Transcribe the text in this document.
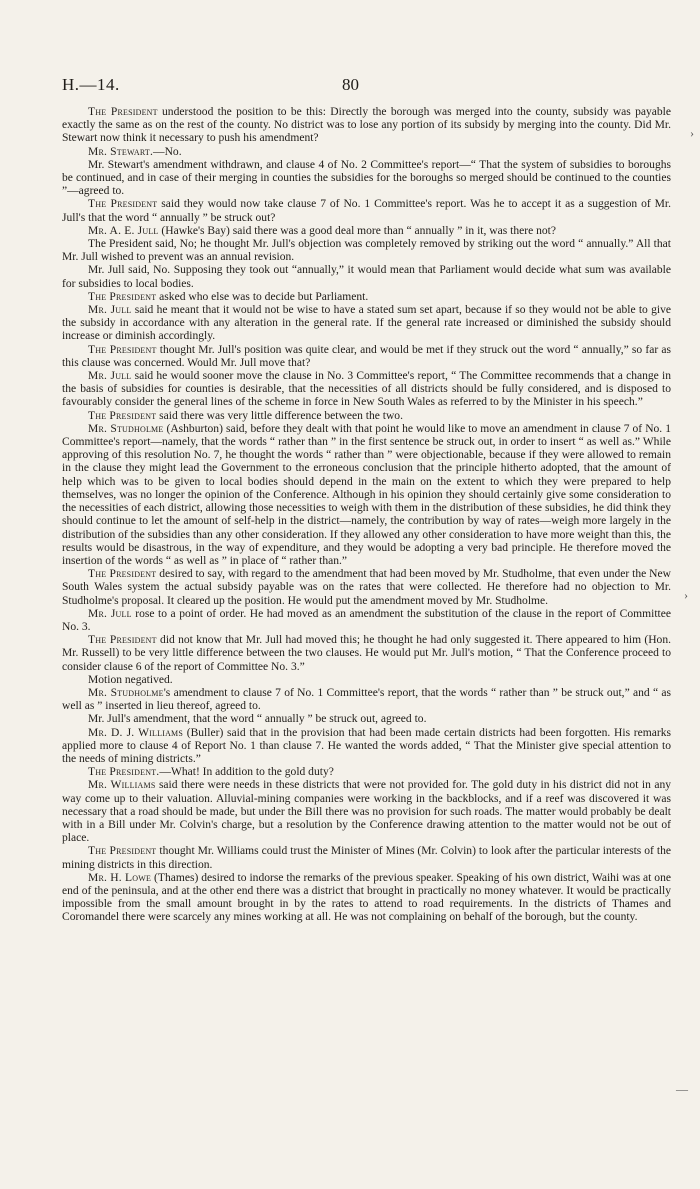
H.—14.	80
›
›
—

The President understood the position to be this: Directly the borough was merged into the county, subsidy was payable exactly the same as on the rest of the county. No district was to lose any portion of its subsidy by merging into the county. Did Mr. Stewart now think it necessary to push his amendment?

Mr. Stewart.—No.

Mr. Stewart's amendment withdrawn, and clause 4 of No. 2 Committee's report—“ That the system of subsidies to boroughs be continued, and in case of their merging in counties the subsidies for the boroughs so merged should be continued to the counties ”—agreed to.

The President said they would now take clause 7 of No. 1 Committee's report. Was he to accept it as a suggestion of Mr. Jull's that the word “ annually ” be struck out?

Mr. A. E. Jull (Hawke's Bay) said there was a good deal more than “ annually ” in it, was there not?

The President said, No; he thought Mr. Jull's objection was completely removed by striking out the word “ annually.” All that Mr. Jull wished to prevent was an annual revision.

Mr. Jull said, No. Supposing they took out “annually,” it would mean that Parliament would decide what sum was available for subsidies to local bodies.

The President asked who else was to decide but Parliament.

Mr. Jull said he meant that it would not be wise to have a stated sum set apart, because if so they would not be able to give the subsidy in accordance with any alteration in the general rate. If the general rate increased or diminished the subsidy should increase or diminish accordingly.

The President thought Mr. Jull's position was quite clear, and would be met if they struck out the word “ annually,” so far as this clause was concerned. Would Mr. Jull move that?

Mr. Jull said he would sooner move the clause in No. 3 Committee's report, “ The Committee recommends that a change in the basis of subsidies for counties is desirable, that the necessities of all districts should be fully considered, and is disposed to favourably consider the general lines of the scheme in force in New South Wales as referred to by the Minister in his speech.”

The President said there was very little difference between the two.

Mr. Studholme (Ashburton) said, before they dealt with that point he would like to move an amendment in clause 7 of No. 1 Committee's report—namely, that the words “ rather than ” in the first sentence be struck out, in order to insert “ as well as.” While approving of this resolution No. 7, he thought the words “ rather than ” were objectionable, because if they were allowed to remain in the clause they might lead the Government to the erroneous conclusion that the principle hitherto adopted, that the amount of help which was to be given to local bodies should depend in the main on the extent to which they were prepared to help themselves, was no longer the opinion of the Conference. Although in his opinion they should certainly give some consideration to the necessities of each district, allowing those necessities to weigh with them in the distribution of these subsidies, he did think they should continue to let the amount of self-help in the district—namely, the contribution by way of rates—weigh more largely in the distribution of the subsidies than any other consideration. If they allowed any other consideration to have more weight than this, the results would be disastrous, in the way of expenditure, and they would be adopting a very bad principle. He therefore moved the insertion of the words “ as well as ” in place of “ rather than.”

The President desired to say, with regard to the amendment that had been moved by Mr. Studholme, that even under the New South Wales system the actual subsidy payable was on the rates that were collected. He therefore had no objection to Mr. Studholme's proposal. It cleared up the position. He would put the amendment moved by Mr. Studholme.

Mr. Jull rose to a point of order. He had moved as an amendment the substitution of the clause in the report of Committee No. 3.

The President did not know that Mr. Jull had moved this; he thought he had only suggested it. There appeared to him (Hon. Mr. Russell) to be very little difference between the two clauses. He would put Mr. Jull's motion, “ That the Conference proceed to consider clause 6 of the report of Committee No. 3.”

Motion negatived.

Mr. Studholme's amendment to clause 7 of No. 1 Committee's report, that the words “ rather than ” be struck out,” and “ as well as ” inserted in lieu thereof, agreed to.

Mr. Jull's amendment, that the word “ annually ” be struck out, agreed to.

Mr. D. J. Williams (Buller) said that in the provision that had been made certain districts had been forgotten. His remarks applied more to clause 4 of Report No. 1 than clause 7. He wanted the words added, “ That the Minister give special attention to the needs of mining districts.”

The President.—What! In addition to the gold duty?

Mr. Williams said there were needs in these districts that were not provided for. The gold duty in his district did not in any way come up to their valuation. Alluvial-mining companies were working in the backblocks, and if a reef was discovered it was necessary that a road should be made, but under the Bill there was no provision for such roads. The matter would probably be dealt with in a Bill under Mr. Colvin's charge, but a resolution by the Conference drawing attention to the matter would not be out of place.

The President thought Mr. Williams could trust the Minister of Mines (Mr. Colvin) to look after the particular interests of the mining districts in this direction.

Mr. H. Lowe (Thames) desired to indorse the remarks of the previous speaker. Speaking of his own district, Waihi was at one end of the peninsula, and at the other end there was a district that brought in practically no money whatever. It would be practically impossible from the small amount brought in by the rates to attend to road requirements. In the districts of Thames and Coromandel there were scarcely any mines working at all. He was not complaining on behalf of the borough, but the county.
